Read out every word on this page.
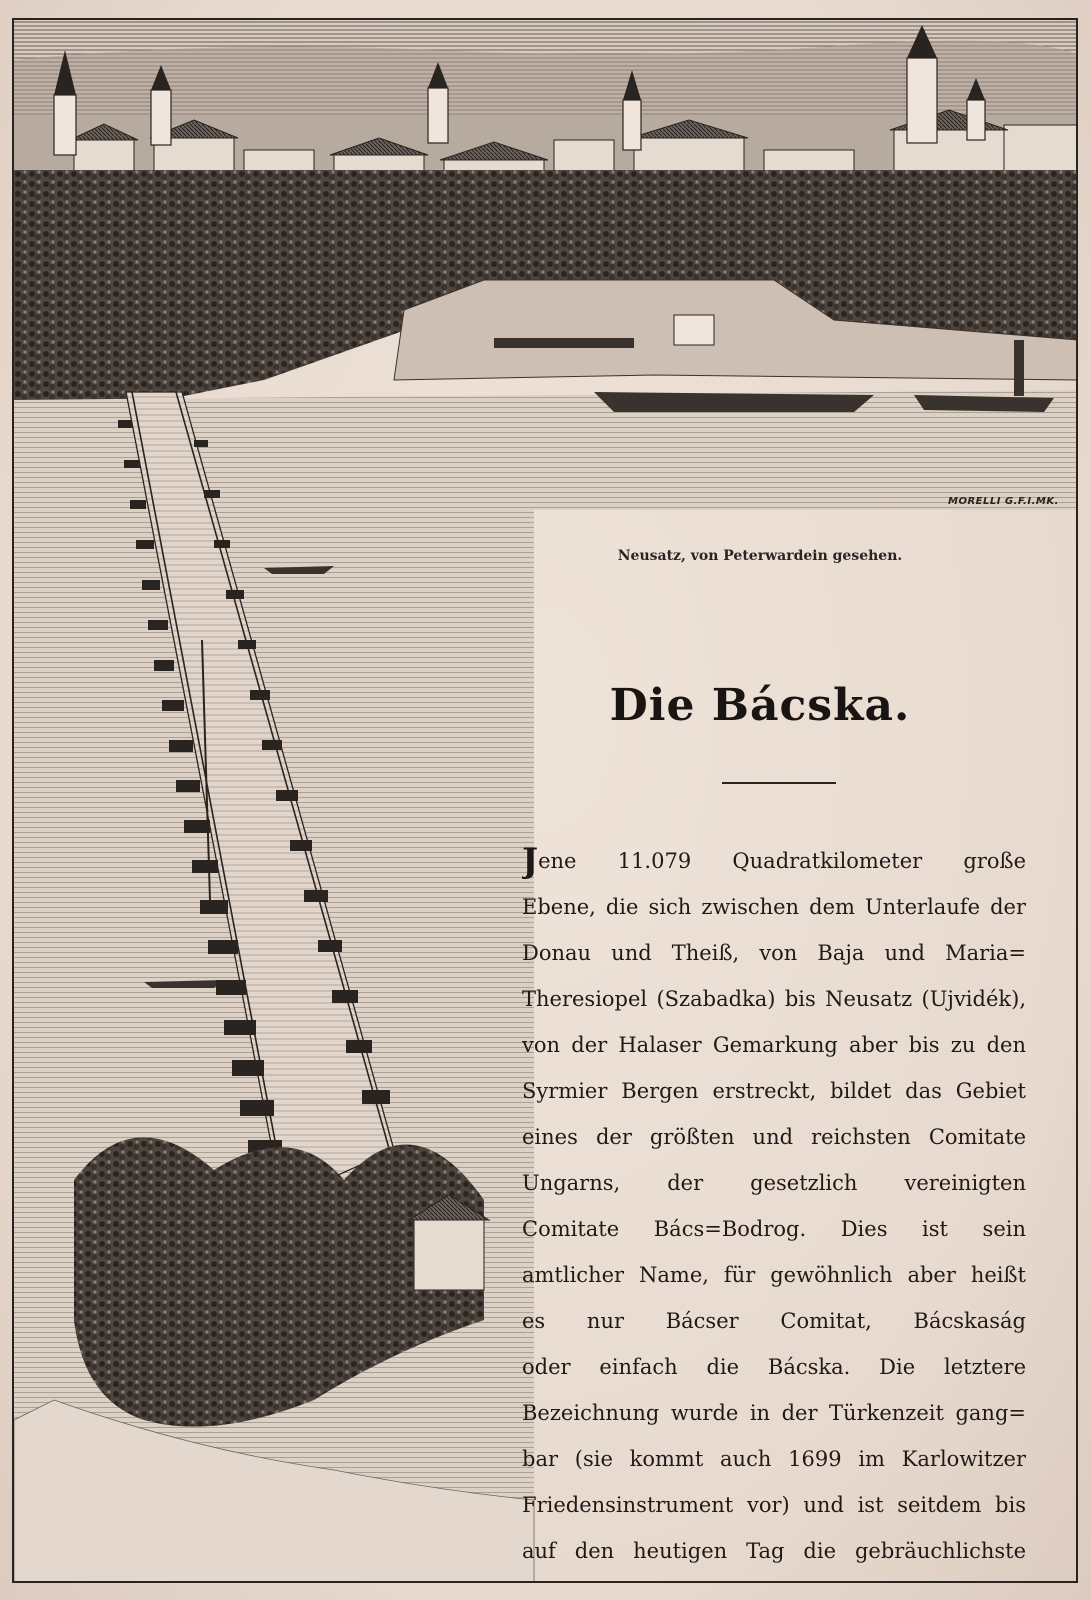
MORELLI G.F.I.MK.
Neusatz, von Peterwardein gesehen.
Die Bácska.
Jene 11.079 Quadratkilometer große
Ebene, die sich zwischen dem Unterlaufe der
Donau und Theiß, von Baja und Maria=
Theresiopel (Szabadka) bis Neusatz (Ujvidék),
von der Halaser Gemarkung aber bis zu den
Syrmier Bergen erstreckt, bildet das Gebiet
eines der größten und reichsten Comitate
Ungarns, der gesetzlich vereinigten
Comitate Bács=Bodrog. Dies ist sein
amtlicher Name, für gewöhnlich aber heißt
es nur Bácser Comitat, Bácskaság
oder einfach die Bácska. Die letztere
Bezeichnung wurde in der Türkenzeit gang=
bar (sie kommt auch 1699 im Karlowitzer
Friedensinstrument vor) und ist seitdem bis
auf den heutigen Tag die gebräuchlichste
